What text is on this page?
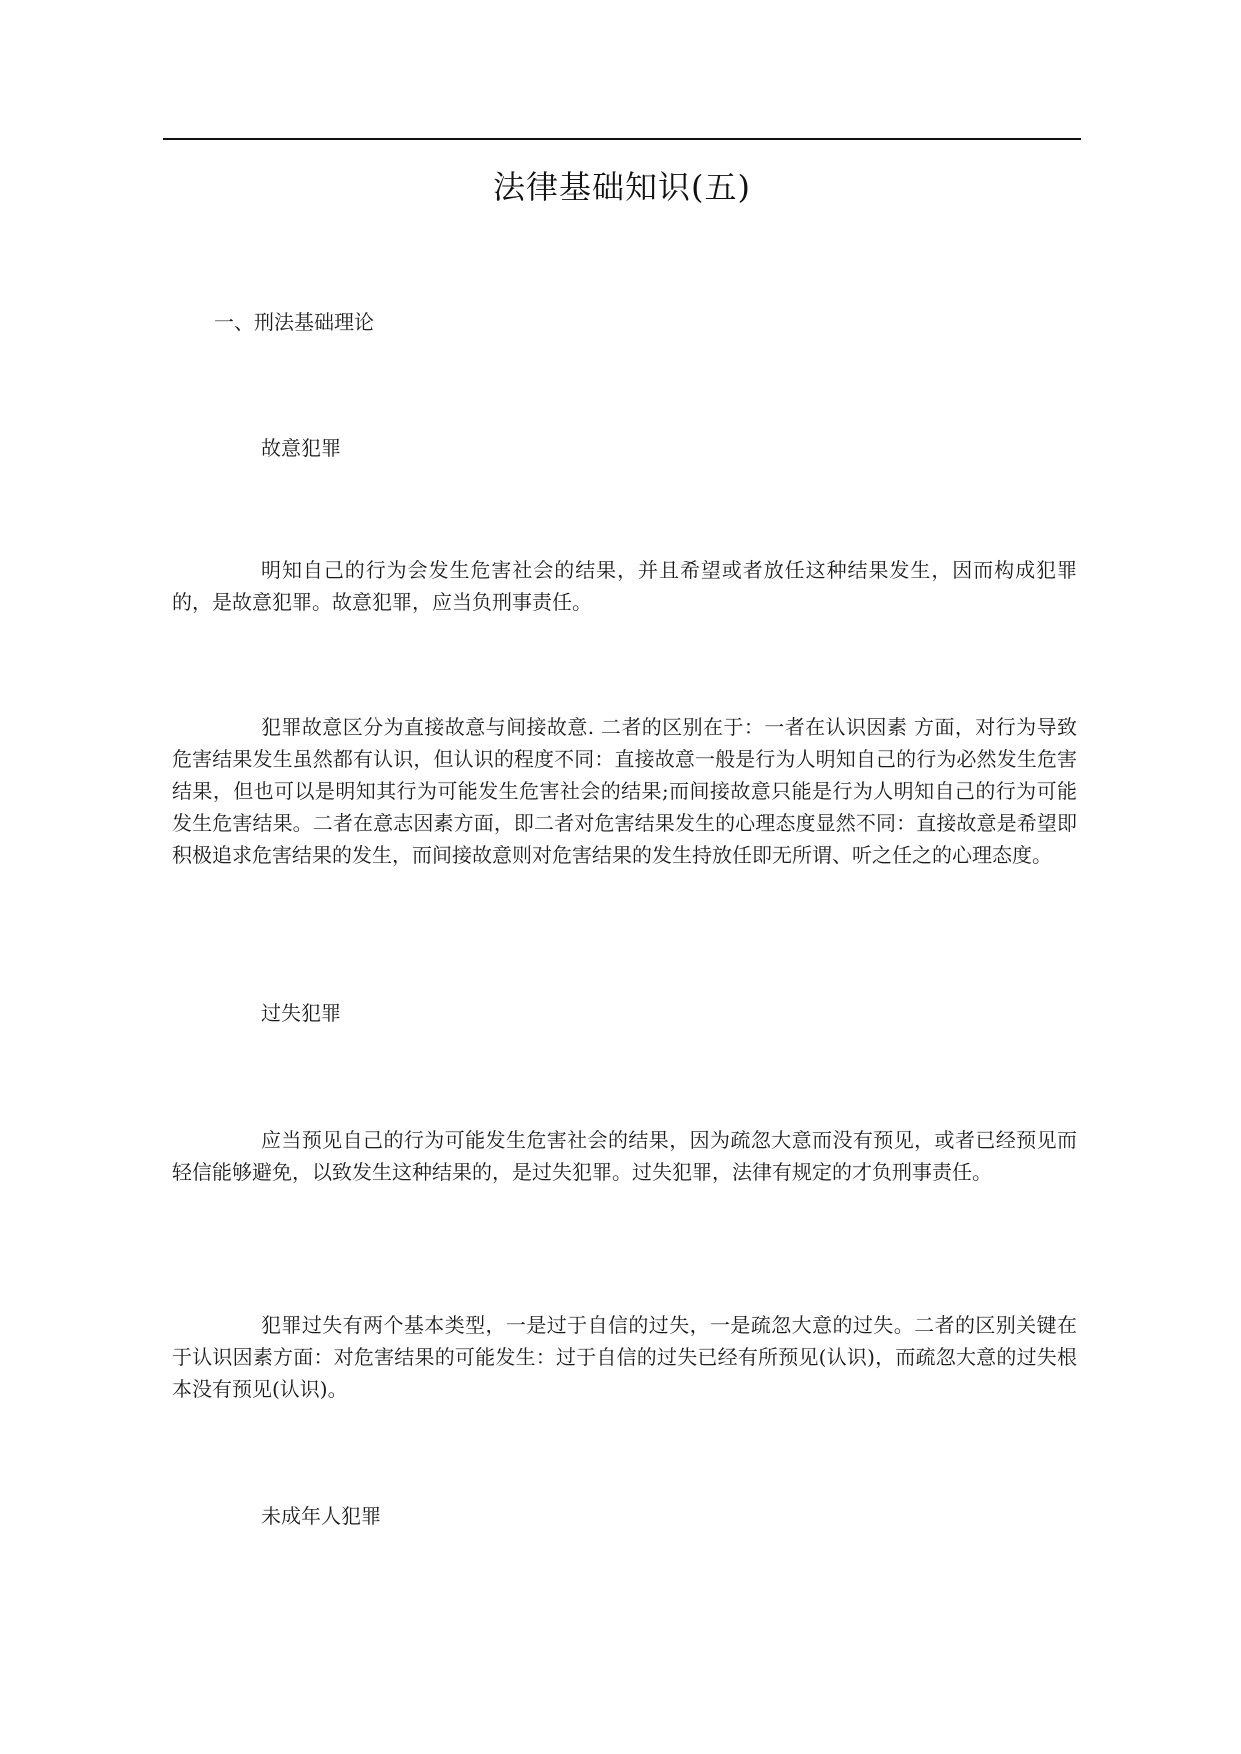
法律基础知识(五)

一、刑法基础理论

故意犯罪

明知自己的行为会发生危害社会的结果，并且希望或者放任这种结果发生，因而构成犯罪的，是故意犯罪。故意犯罪，应当负刑事责任。

犯罪故意区分为直接故意与间接故意. 二者的区别在于：一者在认识因素 方面，对行为导致危害结果发生虽然都有认识，但认识的程度不同：直接故意一般是行为人明知自己的行为必然发生危害结果，但也可以是明知其行为可能发生危害社会的结果;而间接故意只能是行为人明知自己的行为可能发生危害结果。二者在意志因素方面，即二者对危害结果发生的心理态度显然不同：直接故意是希望即积极追求危害结果的发生，而间接故意则对危害结果的发生持放任即无所谓、听之任之的心理态度。

过失犯罪

应当预见自己的行为可能发生危害社会的结果，因为疏忽大意而没有预见，或者已经预见而轻信能够避免，以致发生这种结果的，是过失犯罪。过失犯罪，法律有规定的才负刑事责任。

犯罪过失有两个基本类型，一是过于自信的过失，一是疏忽大意的过失。二者的区别关键在于认识因素方面：对危害结果的可能发生：过于自信的过失已经有所预见(认识)，而疏忽大意的过失根本没有预见(认识)。

未成年人犯罪
